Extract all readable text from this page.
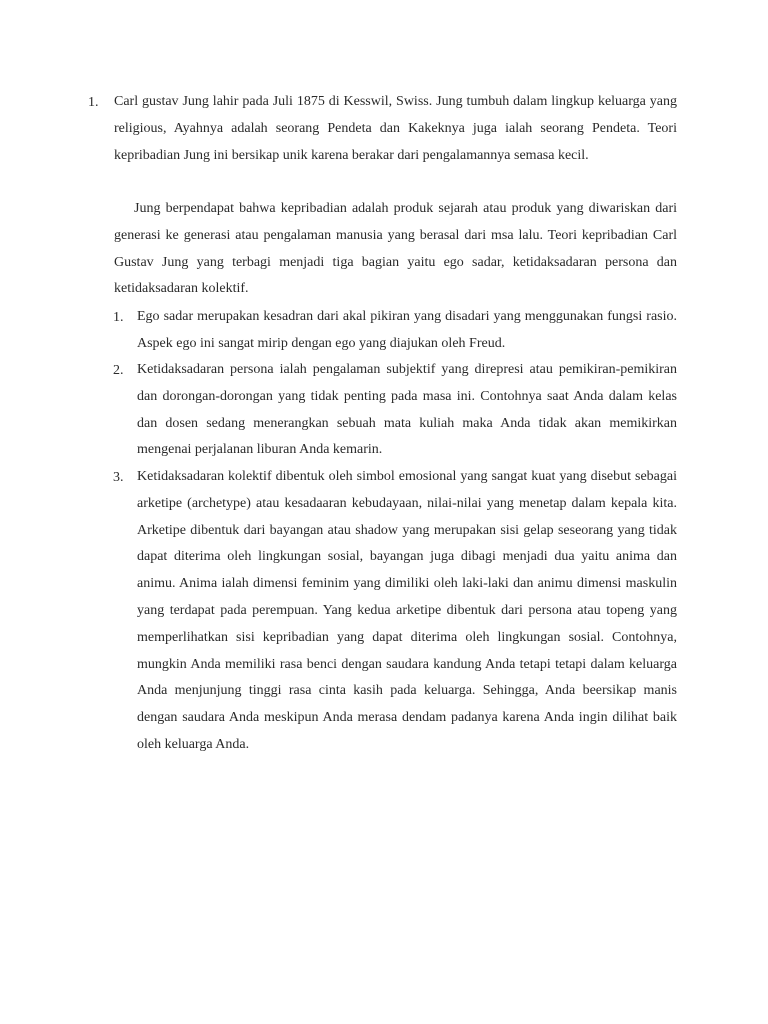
1. Carl gustav Jung lahir pada Juli 1875 di Kesswil, Swiss. Jung tumbuh dalam lingkup keluarga yang religious, Ayahnya adalah seorang Pendeta dan Kakeknya juga ialah seorang Pendeta. Teori kepribadian Jung ini bersikap unik karena berakar dari pengalamannya semasa kecil.
Jung berpendapat bahwa kepribadian adalah produk sejarah atau produk yang diwariskan dari generasi ke generasi atau pengalaman manusia yang berasal dari msa lalu. Teori kepribadian Carl Gustav Jung yang terbagi menjadi tiga bagian yaitu ego sadar, ketidaksadaran persona dan ketidaksadaran kolektif.
1. Ego sadar merupakan kesadran dari akal pikiran yang disadari yang menggunakan fungsi rasio. Aspek ego ini sangat mirip dengan ego yang diajukan oleh Freud.
2. Ketidaksadaran persona ialah pengalaman subjektif yang direpresi atau pemikiran-pemikiran dan dorongan-dorongan yang tidak penting pada masa ini. Contohnya saat Anda dalam kelas dan dosen sedang menerangkan sebuah mata kuliah maka Anda tidak akan memikirkan mengenai perjalanan liburan Anda kemarin.
3. Ketidaksadaran kolektif dibentuk oleh simbol emosional yang sangat kuat yang disebut sebagai arketipe (archetype) atau kesadaaran kebudayaan, nilai-nilai yang menetap dalam kepala kita. Arketipe dibentuk dari bayangan atau shadow yang merupakan sisi gelap seseorang yang tidak dapat diterima oleh lingkungan sosial, bayangan juga dibagi menjadi dua yaitu anima dan animu. Anima ialah dimensi feminim yang dimiliki oleh laki-laki dan animu dimensi maskulin yang terdapat pada perempuan. Yang kedua arketipe dibentuk dari persona atau topeng yang memperlihatkan sisi kepribadian yang dapat diterima oleh lingkungan sosial. Contohnya, mungkin Anda memiliki rasa benci dengan saudara kandung Anda tetapi tetapi dalam keluarga Anda menjunjung tinggi rasa cinta kasih pada keluarga. Sehingga, Anda beersikap manis dengan saudara Anda meskipun Anda merasa dendam padanya karena Anda ingin dilihat baik oleh keluarga Anda.
